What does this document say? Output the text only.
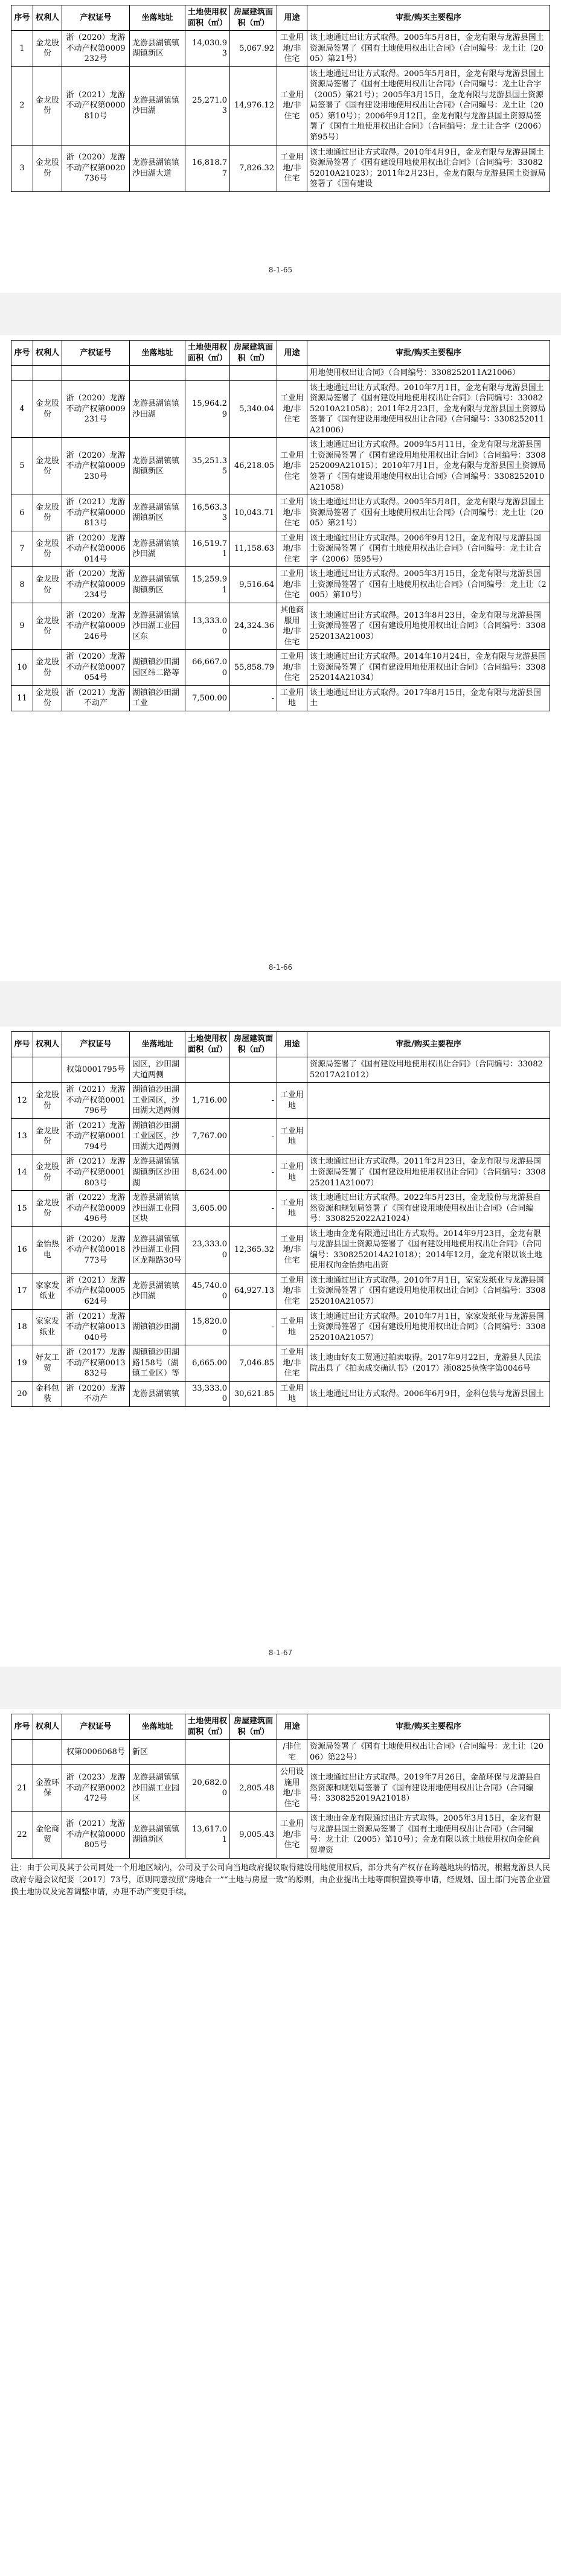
序号	权利人	产权证号	坐落地址	土地使用权面积（㎡）	房屋建筑面积（㎡）	用途	审批/购买主要程序
1	金龙股份	浙（2020）龙游不动产权第0009232号	龙游县湖镇镇湖镇新区	14,030.93	5,067.92	工业用地/非住宅	该土地通过出让方式取得。2005年5月8日，金龙有限与龙游县国土资源局签署了《国有土地使用权出让合同》（合同编号：龙土让（2005）第21号）
2	金龙股份	浙（2021）龙游不动产权第0000810号	龙游县湖镇镇沙田湖	25,271.03	14,976.12	工业用地/非住宅	该土地通过出让方式取得。2005年5月8日，金龙有限与龙游县国土资源局签署了《国有土地使用权出让合同》（合同编号：龙土让合字（2005）第21号）；2005年3月15日，金龙有限与龙游县国土资源局签署了《国有建设用地使用权出让合同》（合同编号：龙土让（2005）第10号）；2006年9月12日，金龙有限与龙游县国土资源局签署了《国有土地使用权出让合同》（合同编号：龙土让合字（2006）第95号）
3	金龙股份	浙（2020）龙游不动产权第0020736号	龙游县湖镇镇沙田湖大道	16,818.77	7,826.32	工业用地/非住宅	该土地通过出让方式取得。2010年4月9日，金龙有限与龙游县国土资源局签署了《国有建设用地使用权出让合同》（合同编号：3308252010A21023）；2011年2月23日，金龙有限与龙游县国土资源局签署了《国有建设
8-1-65
序号	权利人	产权证号	坐落地址	土地使用权面积（㎡）	房屋建筑面积（㎡）	用途	审批/购买主要程序
							用地使用权出让合同》（合同编号：3308252011A21006）
4	金龙股份	浙（2020）龙游不动产权第0009231号	龙游县湖镇镇沙田湖	15,964.29	5,340.04	工业用地/非住宅	该土地通过出让方式取得。2010年7月1日，金龙有限与龙游县国土资源局签署了《国有建设用地使用权出让合同》（合同编号：3308252010A21058）；2011年2月23日，金龙有限与龙游县国土资源局签署了《国有建设用地使用权出让合同》（合同编号：3308252011A21006）
5	金龙股份	浙（2020）龙游不动产权第0009230号	龙游县湖镇镇湖镇新区	35,251.35	46,218.05	工业用地/非住宅	该土地通过出让方式取得。2009年5月11日，金龙有限与龙游县国土资源局签署了《国有建设用地使用权出让合同》（合同编号：3308252009A21015）；2010年7月1日，金龙有限与龙游县国土资源局签署了《国有建设用地使用权出让合同》（合同编号：3308252010A21058）
6	金龙股份	浙（2021）龙游不动产权第0000813号	龙游县湖镇镇湖镇新区	16,563.33	10,043.71	工业用地/非住宅	该土地通过出让方式取得。2005年5月8日，金龙有限与龙游县国土资源局签署了《国有土地使用权出让合同》（合同编号：龙土让（2005）第21号）
7	金龙股份	浙（2020）龙游不动产权第0006014号	龙游县湖镇镇沙田湖	16,519.71	11,158.63	工业用地/非住宅	该土地通过出让方式取得。2006年9月12日，金龙有限与龙游县国土资源局签署了《国有土地使用权出让合同》（合同编号：龙土让合字（2006）第95号）
8	金龙股份	浙（2020）龙游不动产权第0009234号	龙游县湖镇镇湖镇新区	15,259.91	9,516.64	工业用地/非住宅	该土地通过出让方式取得。2005年3月15日，金龙有限与龙游县国土资源局签署了《国有土地使用权出让合同》（合同编号：龙土让（2005）第10号）
9	金龙股份	浙（2020）龙游不动产权第0009246号	龙游县湖镇镇沙田湖工业园区东	13,333.00	24,324.36	其他商服用地/非住宅	该土地通过出让方式取得。2013年8月23日，金龙有限与龙游县国土资源局签署了《国有建设用地使用权出让合同》（合同编号：3308252013A21003）
10	金龙股份	浙（2020）龙游不动产权第0007054号	湖镇镇沙田湖园区纬二路等	66,667.00	55,858.79	工业用地/非住宅	该土地通过出让方式取得。2014年10月24日，金龙有限与龙游县国土资源局签署了《国有建设用地使用权出让合同》（合同编号：3308252014A21034）
11	金龙股份	浙（2021）龙游不动产	湖镇镇沙田湖工业	7,500.00	-	工业用地	该土地通过出让方式取得。2017年8月15日，金龙有限与龙游县国土
8-1-66
序号	权利人	产权证号	坐落地址	土地使用权面积（㎡）	房屋建筑面积（㎡）	用途	审批/购买主要程序
		权第0001795号	园区，沙田湖大道两侧				资源局签署了《国有建设用地使用权出让合同》（合同编号：3308252017A21012）
12	金龙股份	浙（2021）龙游不动产权第0001796号	湖镇镇沙田湖工业园区，沙田湖大道两侧	1,716.00	-	工业用地	
13	金龙股份	浙（2021）龙游不动产权第0001794号	湖镇镇沙田湖工业园区，沙田湖大道两侧	7,767.00	-	工业用地	
14	金龙股份	浙（2021）龙游不动产权第0001803号	龙游县湖镇镇湖镇新区沙田湖	8,624.00	-	工业用地	该土地通过出让方式取得。2011年2月23日，金龙有限与龙游县国土资源局签署了《国有建设用地使用权出让合同》（合同编号：3308252011A21007）
15	金龙股份	浙（2022）龙游不动产权第0009496号	龙游县湖镇镇沙田湖工业园区块	3,605.00	-	工业用地	该土地通过出让方式取得。2022年5月23日，金龙股份与龙游县自然资源和规划局签署了《国有建设用地使用权出让合同》（合同编号：3308252022A21024）
16	金怡热电	浙（2020）龙游不动产权第0018773号	龙游县湖镇镇沙田湖工业园区龙翔路30号	23,333.00	12,365.32	工业用地/非住宅	该土地由金龙有限通过出让方式取得。2014年9月23日，金龙有限与龙游县国土资源局签署了《国有建设用地使用权出让合同》（合同编号：3308252014A21018）；2014年12月，金龙有限以该土地使用权向金怡热电出资
17	家家发纸业	浙（2021）龙游不动产权第0005624号	龙游县湖镇镇沙田湖	45,740.00	64,927.13	工业用地/非住宅	该土地通过出让方式取得。2010年7月1日，家家发纸业与龙游县国土资源局签署了《国有建设用地使用权出让合同》（合同编号：3308252010A21057）
18	家家发纸业	浙（2021）龙游不动产权第0013040号	湖镇镇沙田湖	15,820.00	-	工业用地	该土地通过出让方式取得。2010年7月1日，家家发纸业与龙游县国土资源局签署了《国有建设用地使用权出让合同》（合同编号：3308252010A21057）
19	好友工贸	浙（2017）龙游不动产权第0013832号	湖镇镇沙田湖路158号（湖镇工业区）等	6,665.00	7,046.85	工业用地/非住宅	该土地由好友工贸通过拍卖取得。2017年9月22日，龙游县人民法院出具了《拍卖成交确认书》（2017）浙0825执恢字第0046号
20	金科包装	浙（2020）龙游不动产	龙游县湖镇镇	33,333.00	30,621.85	工业用地	该土地通过出让方式取得。2006年6月9日，金科包装与龙游县国土
8-1-67
序号	权利人	产权证号	坐落地址	土地使用权面积（㎡）	房屋建筑面积（㎡）	用途	审批/购买主要程序
		权第0006068号	新区			/非住宅	资源局签署了《国有土地使用权出让合同》（合同编号：龙土让（2006）第22号）
21	金盈环保	浙（2023）龙游不动产权第0002472号	龙游县湖镇镇沙田湖工业园区	20,682.00	2,805.48	公用设施用地/非住宅	该土地通过出让方式取得。2019年7月26日，金盈环保与龙游县自然资源和规划局签署了《国有建设用地使用权出让合同》（合同编号：3308252019A21018）
22	金伦商贸	浙（2021）龙游不动产权第0000805号	龙游县湖镇镇湖镇新区	13,617.01	9,005.43	工业用地/非住宅	该土地由金龙有限通过出让方式取得。2005年3月15日，金龙有限与龙游县国土资源局签署了《国有土地使用权出让合同》（合同编号：龙土让（2005）第10号）；金龙有限以该土地使用权向金伦商贸增资
注：由于公司及其子公司同处一个用地区域内，公司及子公司向当地政府提议取得建设用地使用权后，部分共有产权存在跨越地块的情况，根据龙游县人民政府专题会议纪要〔2017〕73号，原则同意按照“房地合一”“土地与房屋一致”的原则，由企业提出土地等面积置换等申请，经规划、国土部门完善企业置换土地协议及完善调整申请，办理不动产变更手续。
